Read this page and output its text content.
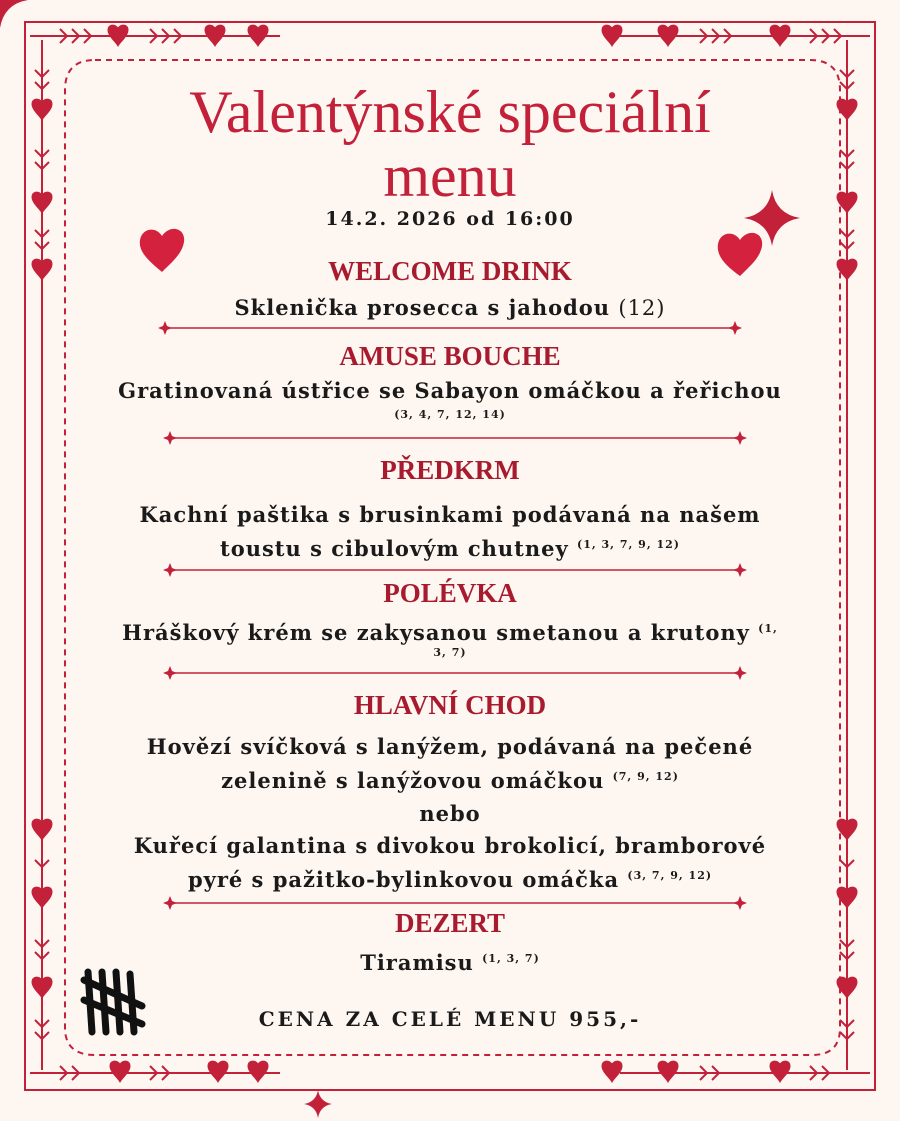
Valentýnské speciální
menu
14.2. 2026 od 16:00
WELCOME DRINK
Sklenička prosecca s jahodou (12)
AMUSE BOUCHE
Gratinovaná ústřice se Sabayon omáčkou a řeřichou
(3, 4, 7, 12, 14)
PŘEDKRM
Kachní paštika s brusinkami podávaná na našem
toustu s cibulovým chutney $^{(1, 3, 7, 9, 12)}$
POLÉVKA
Hráškový krém se zakysanou smetanou a krutony $^{(1,}$
3, 7)
HLAVNÍ CHOD
Hovězí svíčková s lanýžem, podávaná na pečené
zelenině s lanýžovou omáčkou $^{(7, 9, 12)}$
nebo
Kuřecí galantina s divokou brokolicí, bramborové
pyré s pažitko-bylinkovou omáčka $^{(3, 7, 9, 12)}$
DEZERT
Tiramisu $^{(1, 3, 7)}$
CENA ZA CELÉ MENU 955,-
